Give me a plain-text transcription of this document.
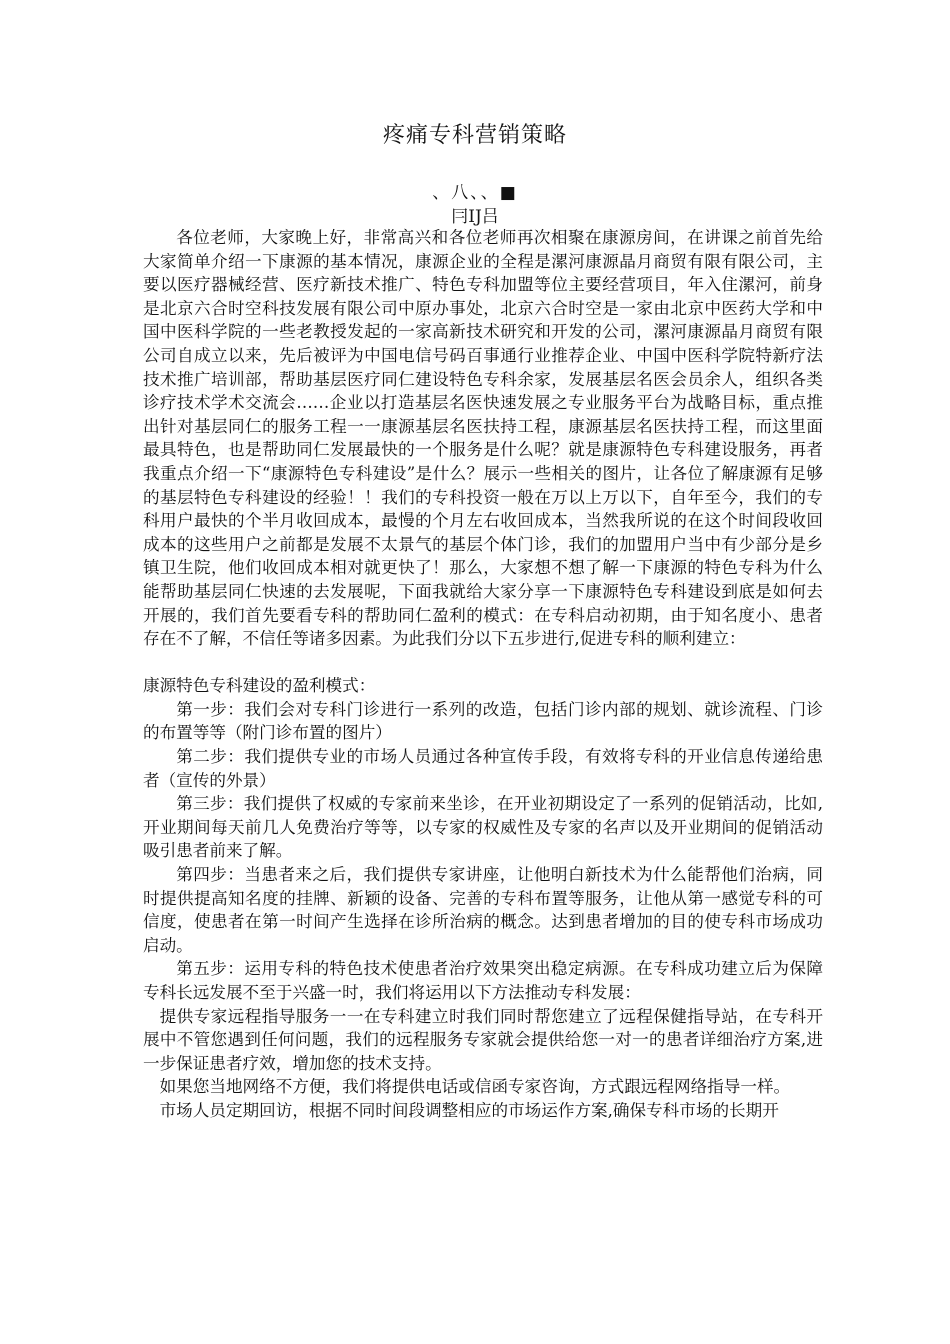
疼痛专科营销策略
、八、、■
冃IJ吕

各位老师，大家晚上好，非常高兴和各位老师再次相聚在康源房间，在讲课之前首先给大家简单介绍一下康源的基本情况，康源企业的全程是漯河康源晶月商贸有限有限公司，主要以医疗器械经营、医疗新技术推广、特色专科加盟等位主要经营项目，年入住漯河，前身是北京六合时空科技发展有限公司中原办事处，北京六合时空是一家由北京中医药大学和中国中医科学院的一些老教授发起的一家高新技术研究和开发的公司，漯河康源晶月商贸有限公司自成立以来，先后被评为中国电信号码百事通行业推荐企业、中国中医科学院特新疗法技术推广培训部，帮助基层医疗同仁建设特色专科余家，发展基层名医会员余人，组织各类诊疗技术学术交流会……企业以打造基层名医快速发展之专业服务平台为战略目标，重点推出针对基层同仁的服务工程一一康源基层名医扶持工程，康源基层名医扶持工程，而这里面最具特色，也是帮助同仁发展最快的一个服务是什么呢？就是康源特色专科建设服务，再者我重点介绍一下“康源特色专科建设”是什么？展示一些相关的图片，让各位了解康源有足够的基层特色专科建设的经验！！我们的专科投资一般在万以上万以下，自年至今，我们的专科用户最快的个半月收回成本，最慢的个月左右收回成本，当然我所说的在这个时间段收回成本的这些用户之前都是发展不太景气的基层个体门诊，我们的加盟用户当中有少部分是乡镇卫生院，他们收回成本相对就更快了！那么，大家想不想了解一下康源的特色专科为什么能帮助基层同仁快速的去发展呢，下面我就给大家分享一下康源特色专科建设到底是如何去开展的，我们首先要看专科的帮助同仁盈利的模式：在专科启动初期，由于知名度小、患者存在不了解，不信任等诸多因素。为此我们分以下五步进行,促进专科的顺利建立：

康源特色专科建设的盈利模式：

第一步：我们会对专科门诊进行一系列的改造，包括门诊内部的规划、就诊流程、门诊的布置等等（附门诊布置的图片）

第二步：我们提供专业的市场人员通过各种宣传手段，有效将专科的开业信息传递给患者（宣传的外景）

第三步：我们提供了权威的专家前来坐诊，在开业初期设定了一系列的促销活动，比如,开业期间每天前几人免费治疗等等，以专家的权威性及专家的名声以及开业期间的促销活动吸引患者前来了解。

第四步：当患者来之后，我们提供专家讲座，让他明白新技术为什么能帮他们治病，同时提供提高知名度的挂牌、新颖的设备、完善的专科布置等服务，让他从第一感觉专科的可信度，使患者在第一时间产生选择在诊所治病的概念。达到患者增加的目的使专科市场成功启动。

第五步：运用专科的特色技术使患者治疗效果突出稳定病源。在专科成功建立后为保障专科长远发展不至于兴盛一时，我们将运用以下方法推动专科发展：

提供专家远程指导服务一一在专科建立时我们同时帮您建立了远程保健指导站，在专科开展中不管您遇到任何问题，我们的远程服务专家就会提供给您一对一的患者详细治疗方案,进一步保证患者疗效，增加您的技术支持。

如果您当地网络不方便，我们将提供电话或信函专家咨询，方式跟远程网络指导一样。

市场人员定期回访，根据不同时间段调整相应的市场运作方案,确保专科市场的长期开
